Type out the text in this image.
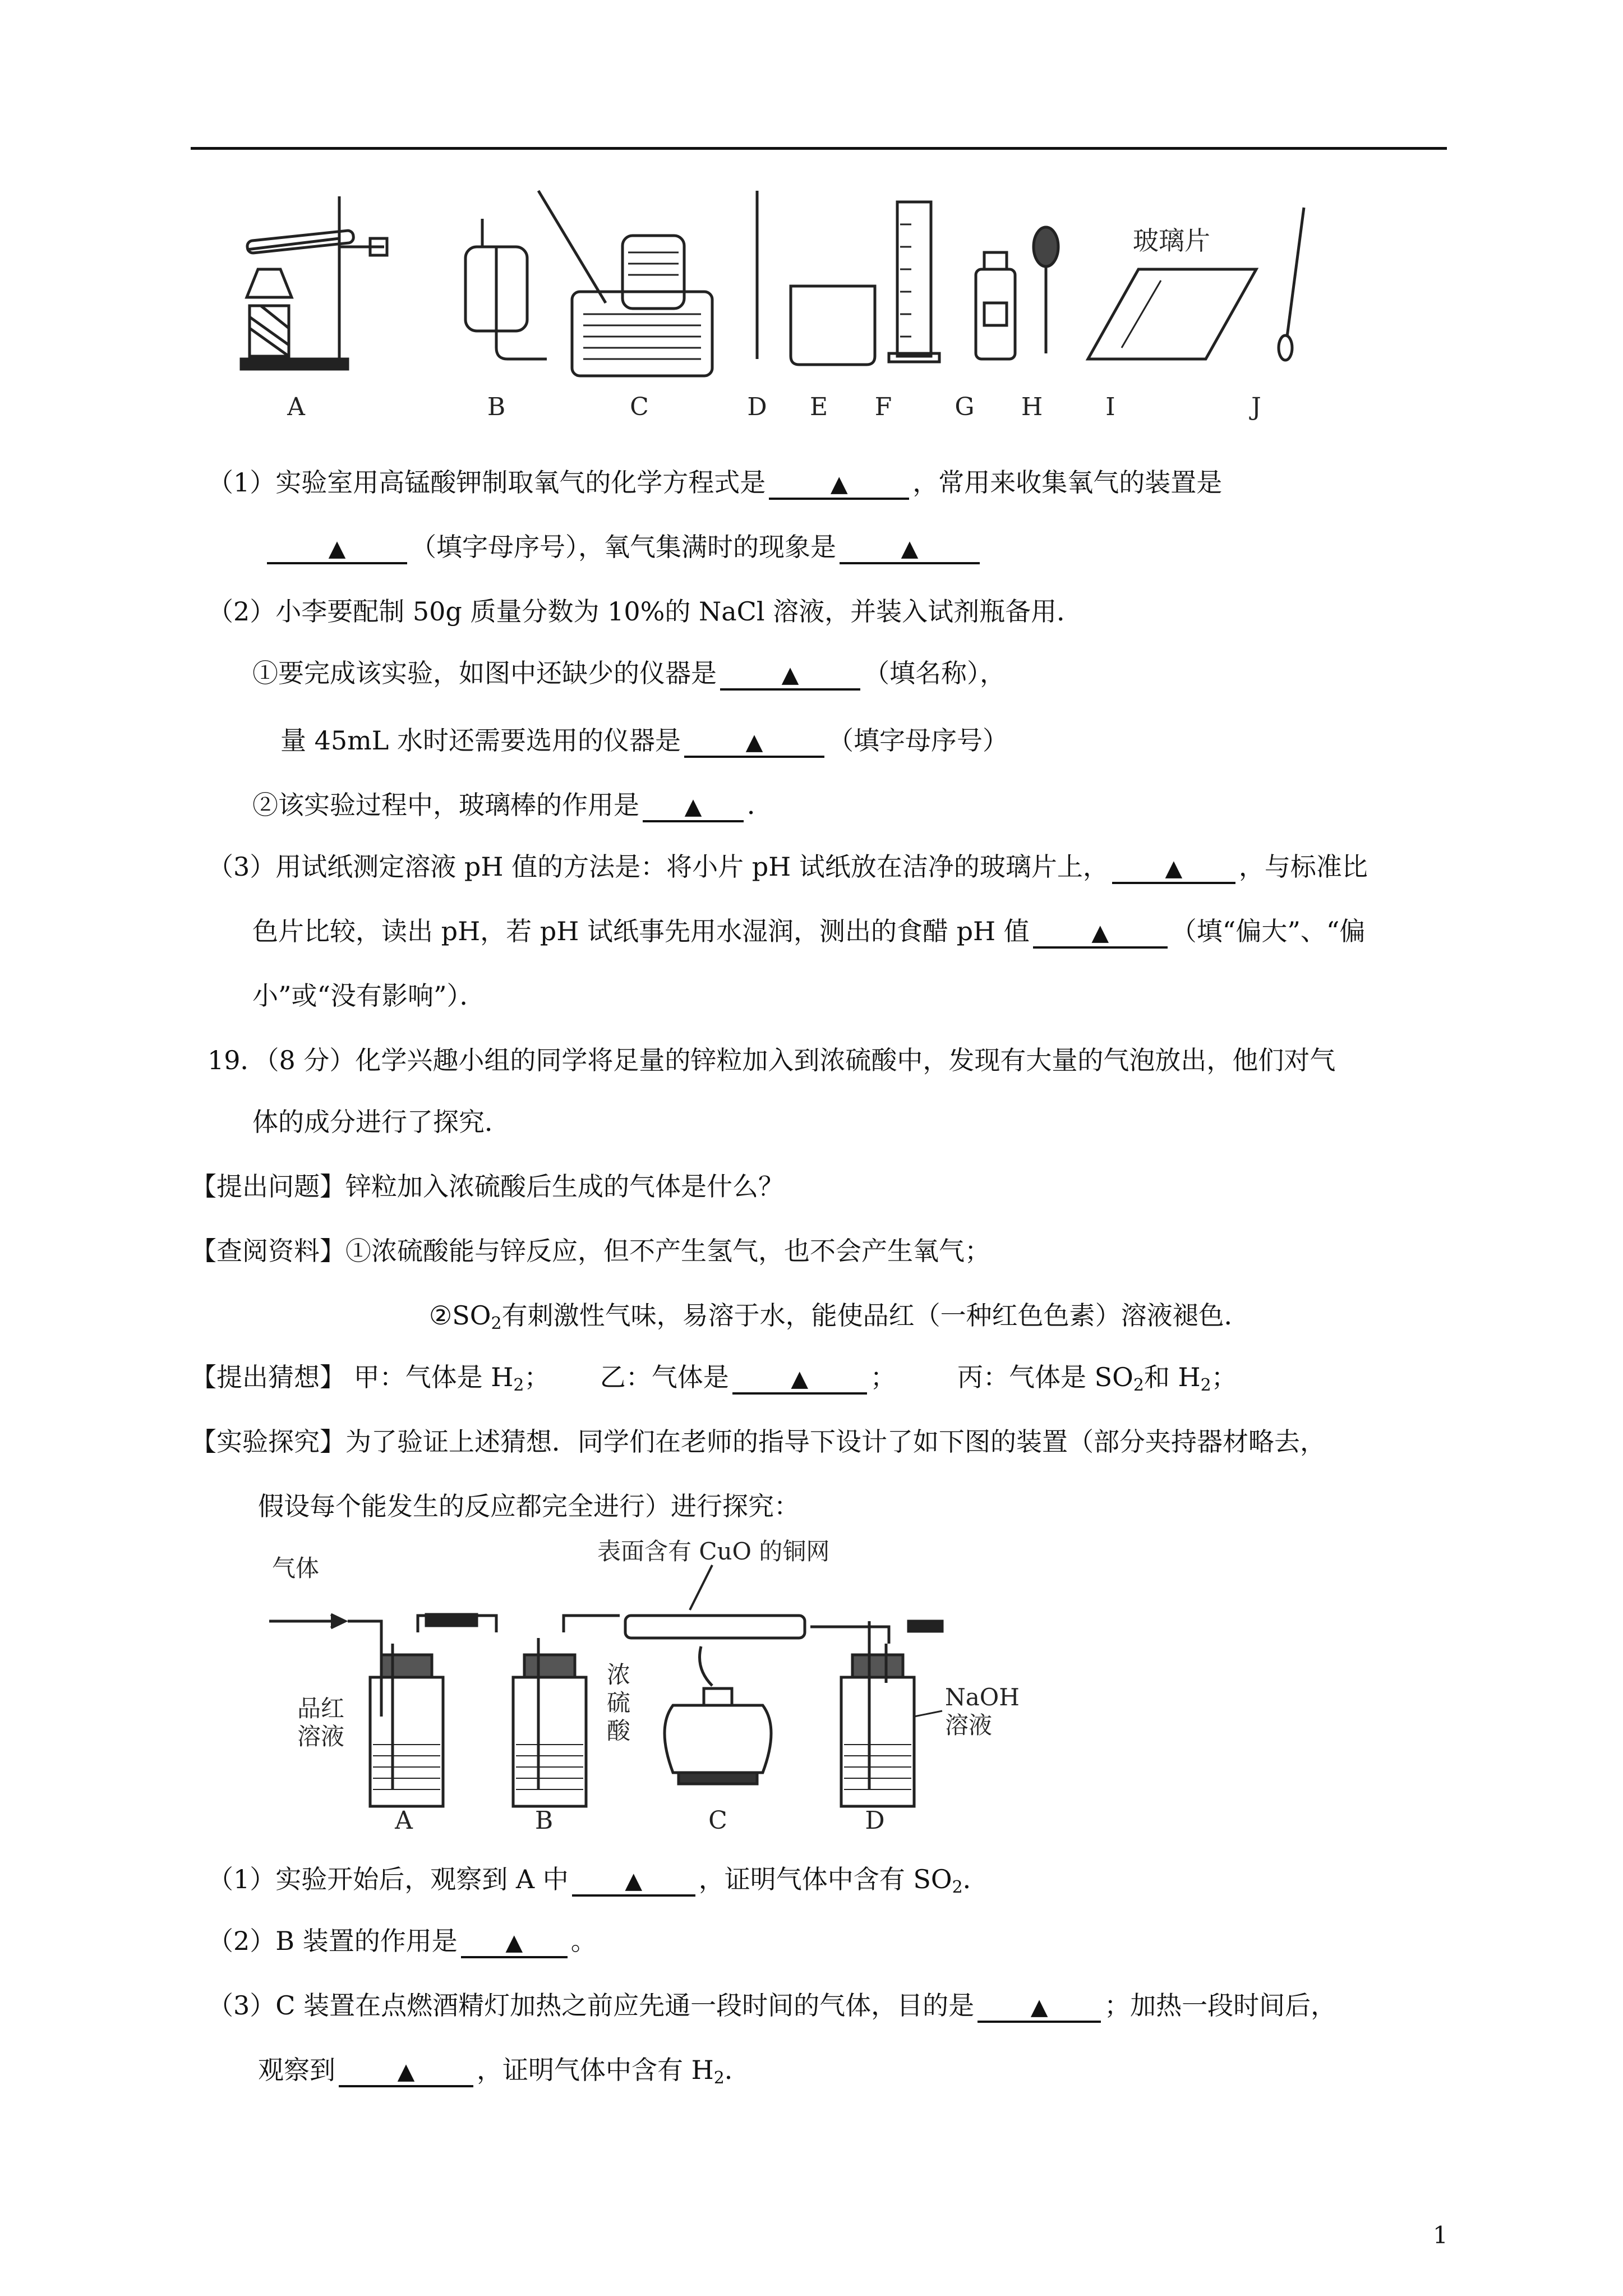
玻璃片
A	B	C	D E F	G H	I	J
（1）实验室用高锰酸钾制取氧气的化学方程式是	▲	，常用来收集氧气的装置是
▲	（填字母序号），氧气集满时的现象是	▲
（2）小李要配制 50g 质量分数为 10%的 NaCl 溶液，并装入试剂瓶备用．
①要完成该实验，如图中还缺少的仪器是	▲	（填名称），
量 45mL 水时还需要选用的仪器是	▲	（填字母序号）
②该实验过程中，玻璃棒的作用是 ▲ ．
（3）用试纸测定溶液 pH 值的方法是：将小片 pH 试纸放在洁净的玻璃片上，	▲ ，与标准比
色片比较，读出 pH，若 pH 试纸事先用水湿润，测出的食醋 pH 值	▲ （填“偏大”、“偏
小”或“没有影响”）．
19．（8 分）化学兴趣小组的同学将足量的锌粒加入到浓硫酸中，发现有大量的气泡放出，他们对气
体的成分进行了探究．
【提出问题】锌粒加入浓硫酸后生成的气体是什么？
【查阅资料】①浓硫酸能与锌反应，但不产生氢气，也不会产生氧气；
$②SO_2$有刺激性气味，易溶于水，能使品红（一种红色色素）溶液褪色．
【提出猜想】 甲：气体是 $H_2$； 乙：气体是	▲ ； 丙：气体是 $SO_2$和 $H_2$；
【实验探究】为了验证上述猜想．同学们在老师的指导下设计了如下图的装置（部分夹持器材略去，
假设每个能发生的反应都完全进行）进行探究：
气体
表面含有 CuO 的铜网
品红
溶液
浓
硫
酸
NaOH
溶液
A	B	C	D
（1）实验开始后，观察到 A 中	▲ ，证明气体中含有 $SO_2$．
（2）B 装置的作用是 ▲ 。
（3）C 装置在点燃酒精灯加热之前应先通一段时间的气体，目的是	▲ ；加热一段时间后，
观察到	▲ ，证明气体中含有 $H_2$．
1
